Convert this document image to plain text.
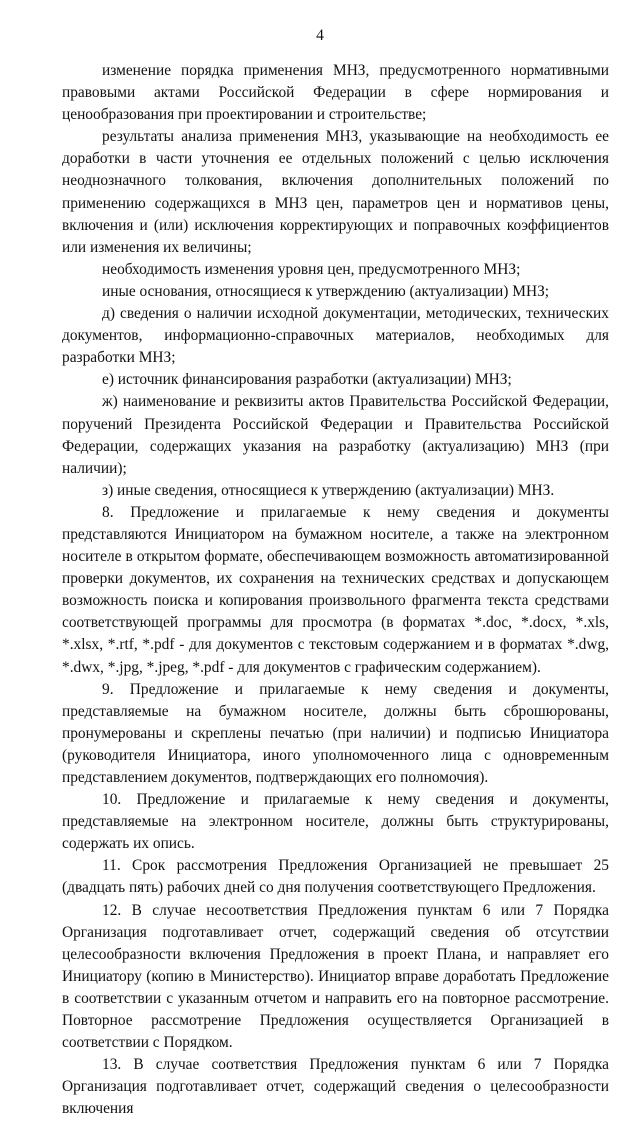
4

изменение порядка применения МНЗ, предусмотренного нормативными правовыми актами Российской Федерации в сфере нормирования и ценообразования при проектировании и строительстве;

результаты анализа применения МНЗ, указывающие на необходимость ее доработки в части уточнения ее отдельных положений с целью исключения неоднозначного толкования, включения дополнительных положений по применению содержащихся в МНЗ цен, параметров цен и нормативов цены, включения и (или) исключения корректирующих и поправочных коэффициентов или изменения их величины;

необходимость изменения уровня цен, предусмотренного МНЗ;

иные основания, относящиеся к утверждению (актуализации) МНЗ;

д) сведения о наличии исходной документации, методических, технических документов, информационно-справочных материалов, необходимых для разработки МНЗ;

е) источник финансирования разработки (актуализации) МНЗ;

ж) наименование и реквизиты актов Правительства Российской Федерации, поручений Президента Российской Федерации и Правительства Российской Федерации, содержащих указания на разработку (актуализацию) МНЗ (при наличии);

з) иные сведения, относящиеся к утверждению (актуализации) МНЗ.

8. Предложение и прилагаемые к нему сведения и документы представляются Инициатором на бумажном носителе, а также на электронном носителе в открытом формате, обеспечивающем возможность автоматизированной проверки документов, их сохранения на технических средствах и допускающем возможность поиска и копирования произвольного фрагмента текста средствами соответствующей программы для просмотра (в форматах *.doc, *.docx, *.xls, *.xlsx, *.rtf, *.pdf - для документов с текстовым содержанием и в форматах *.dwg, *.dwx, *.jpg, *.jpeg, *.pdf - для документов с графическим содержанием).

9. Предложение и прилагаемые к нему сведения и документы, представляемые на бумажном носителе, должны быть сброшюрованы, пронумерованы и скреплены печатью (при наличии) и подписью Инициатора (руководителя Инициатора, иного уполномоченного лица с одновременным представлением документов, подтверждающих его полномочия).

10. Предложение и прилагаемые к нему сведения и документы, представляемые на электронном носителе, должны быть структурированы, содержать их опись.

11. Срок рассмотрения Предложения Организацией не превышает 25 (двадцать пять) рабочих дней со дня получения соответствующего Предложения.

12. В случае несоответствия Предложения пунктам 6 или 7 Порядка Организация подготавливает отчет, содержащий сведения об отсутствии целесообразности включения Предложения в проект Плана, и направляет его Инициатору (копию в Министерство). Инициатор вправе доработать Предложение в соответствии с указанным отчетом и направить его на повторное рассмотрение. Повторное рассмотрение Предложения осуществляется Организацией в соответствии с Порядком.

13. В случае соответствия Предложения пунктам 6 или 7 Порядка Организация подготавливает отчет, содержащий сведения о целесообразности включения
